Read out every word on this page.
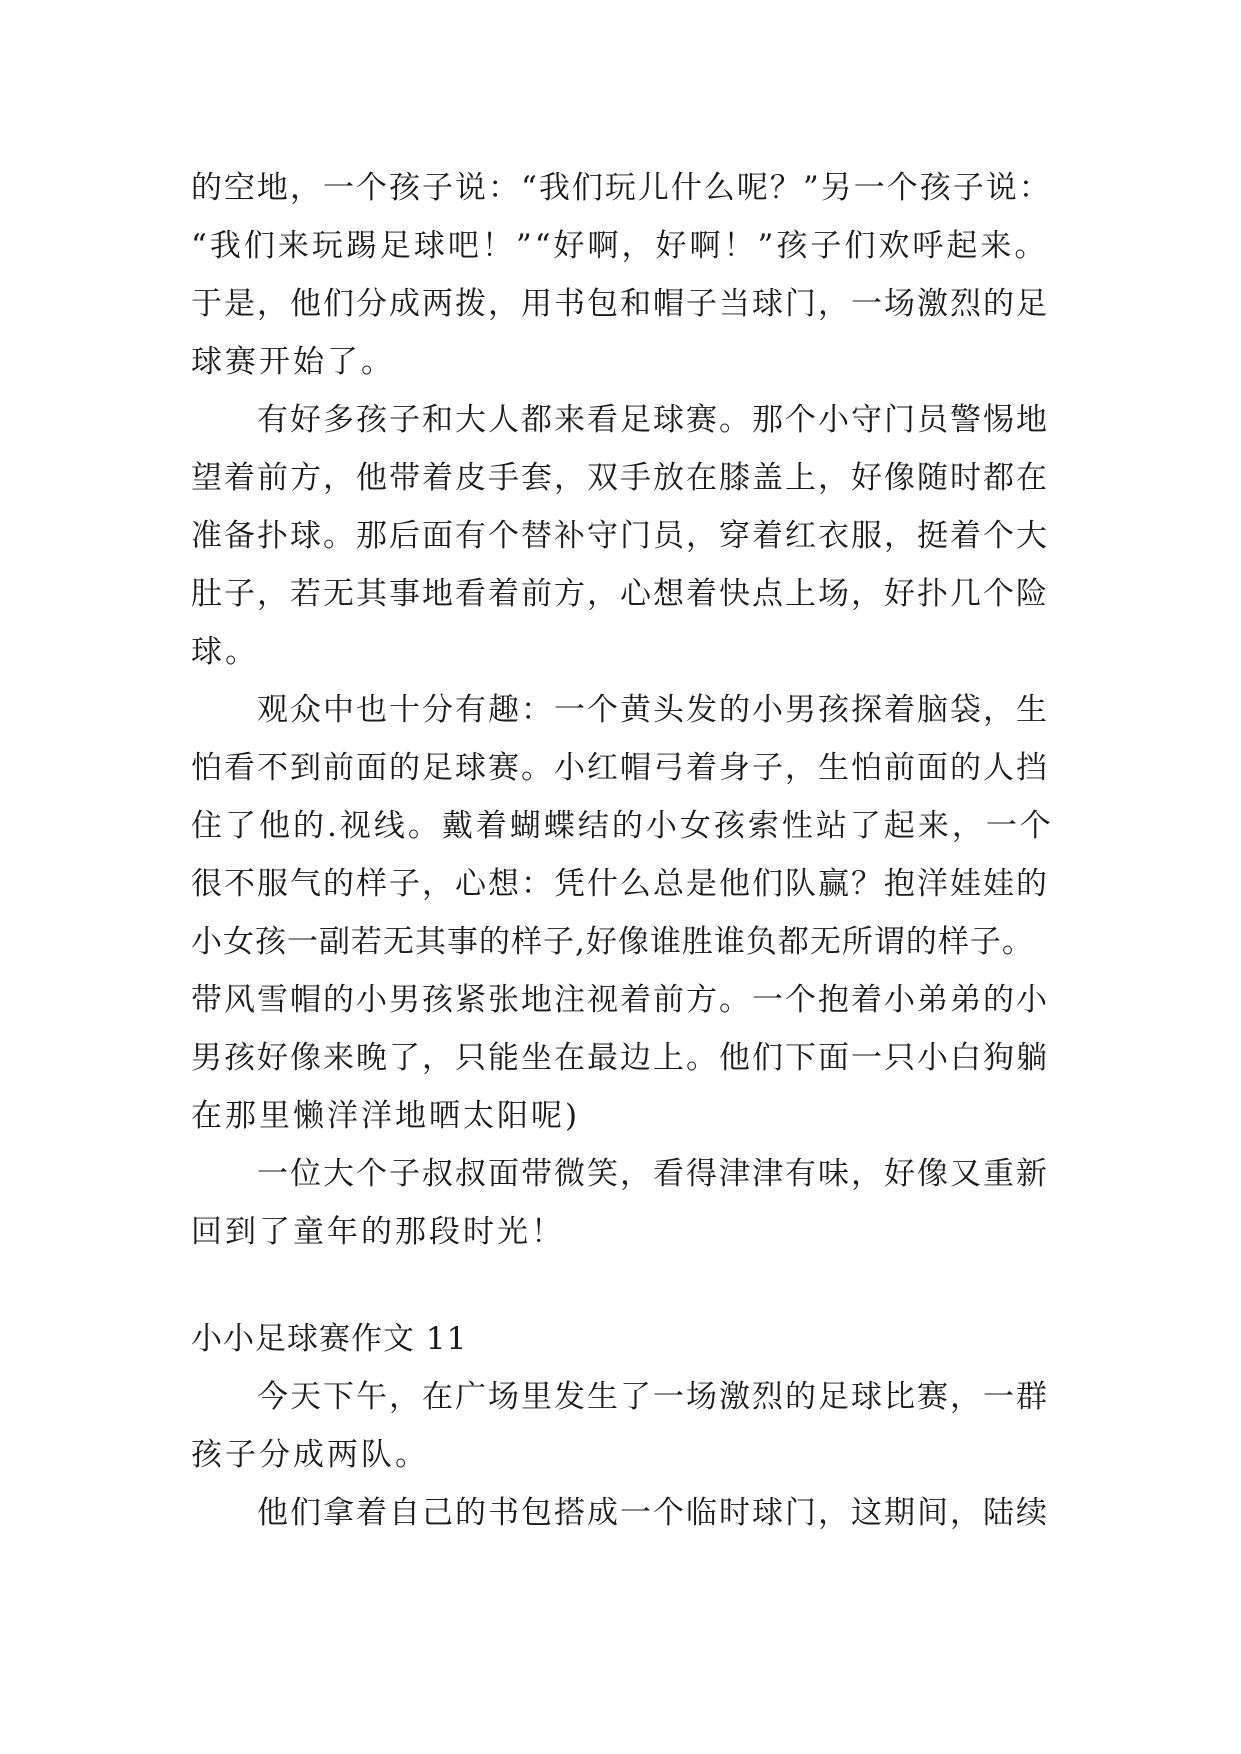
的空地，一个孩子说：“我们玩儿什么呢？”另一个孩子说：
“我们来玩踢足球吧！”“好啊，好啊！”孩子们欢呼起来。
于是，他们分成两拨，用书包和帽子当球门，一场激烈的足
球赛开始了。
有好多孩子和大人都来看足球赛。那个小守门员警惕地
望着前方，他带着皮手套，双手放在膝盖上，好像随时都在
准备扑球。那后面有个替补守门员，穿着红衣服，挺着个大
肚子，若无其事地看着前方，心想着快点上场，好扑几个险
球。
观众中也十分有趣：一个黄头发的小男孩探着脑袋，生
怕看不到前面的足球赛。小红帽弓着身子，生怕前面的人挡
住了他的.视线。戴着蝴蝶结的小女孩索性站了起来，一个
很不服气的样子，心想：凭什么总是他们队赢？抱洋娃娃的
小女孩一副若无其事的样子,好像谁胜谁负都无所谓的样子。
带风雪帽的小男孩紧张地注视着前方。一个抱着小弟弟的小
男孩好像来晚了，只能坐在最边上。他们下面一只小白狗躺
在那里懒洋洋地晒太阳呢)
一位大个子叔叔面带微笑，看得津津有味，好像又重新
回到了童年的那段时光！
小小足球赛作文 11
今天下午，在广场里发生了一场激烈的足球比赛，一群
孩子分成两队。
他们拿着自己的书包搭成一个临时球门，这期间，陆续
